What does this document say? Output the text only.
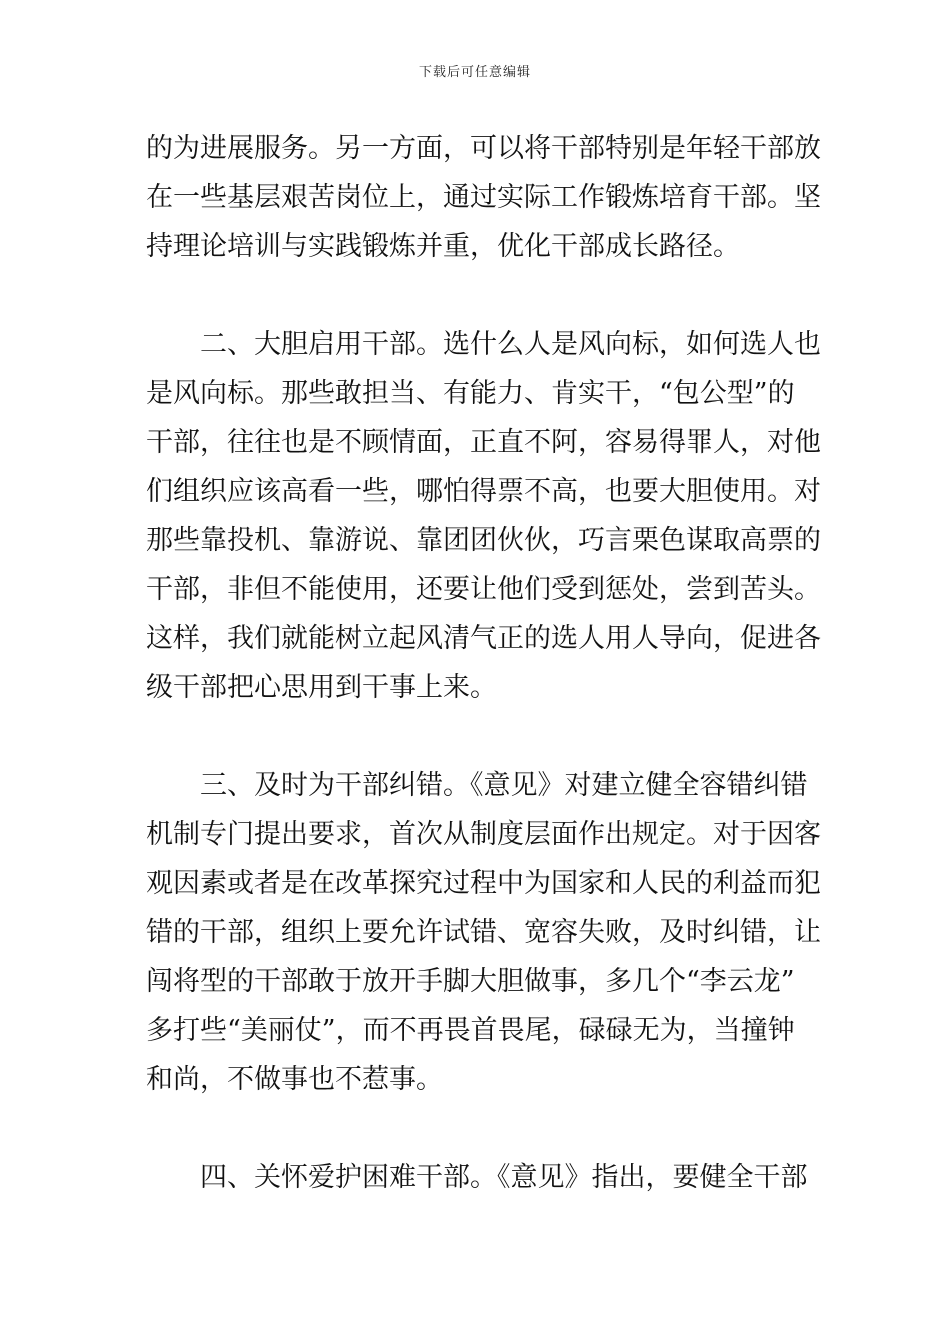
下载后可任意编辑
的为进展服务。另一方面，可以将干部特别是年轻干部放
在一些基层艰苦岗位上，通过实际工作锻炼培育干部。坚
持理论培训与实践锻炼并重，优化干部成长路径。
二、大胆启用干部。选什么人是风向标，如何选人也
是风向标。那些敢担当、有能力、肯实干，“包公型”的
干部，往往也是不顾情面，正直不阿，容易得罪人，对他
们组织应该高看一些，哪怕得票不高，也要大胆使用。对
那些靠投机、靠游说、靠团团伙伙，巧言栗色谋取高票的
干部，非但不能使用，还要让他们受到惩处，尝到苦头。
这样，我们就能树立起风清气正的选人用人导向，促进各
级干部把心思用到干事上来。
三、及时为干部纠错。《意见》对建立健全容错纠错
机制专门提出要求，首次从制度层面作出规定。对于因客
观因素或者是在改革探究过程中为国家和人民的利益而犯
错的干部，组织上要允许试错、宽容失败，及时纠错，让
闯将型的干部敢于放开手脚大胆做事，多几个“李云龙”
多打些“美丽仗”，而不再畏首畏尾，碌碌无为，当撞钟
和尚，不做事也不惹事。
四、关怀爱护困难干部。《意见》指出，要健全干部
